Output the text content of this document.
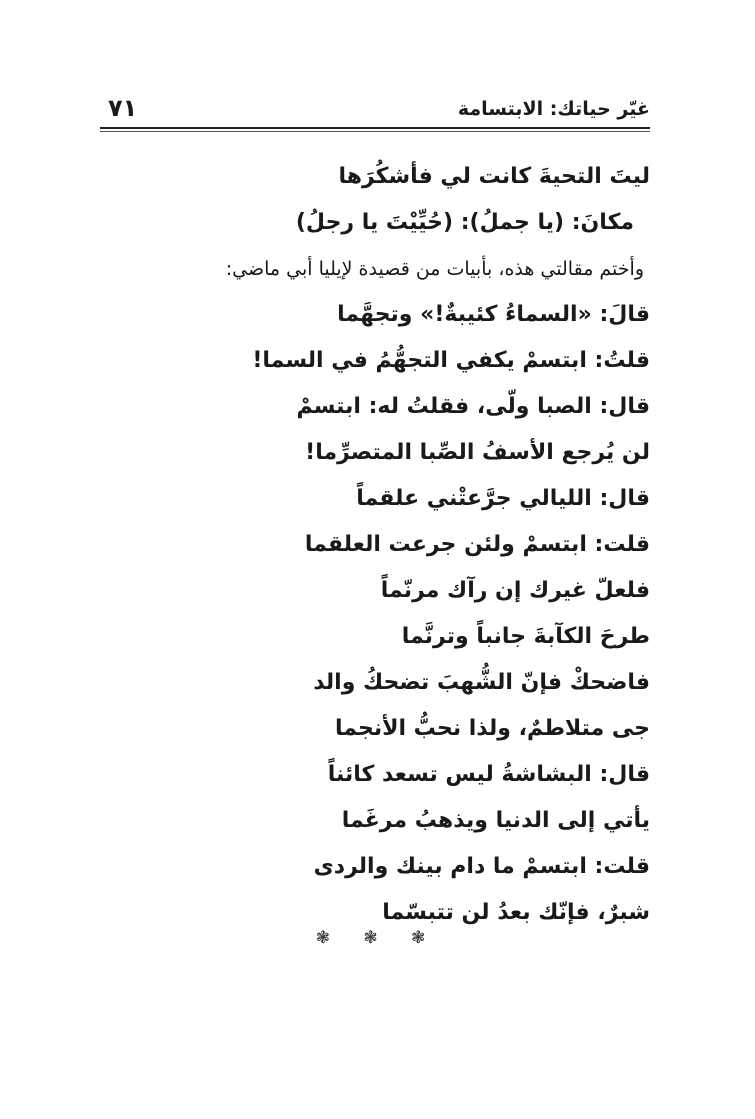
غيّر حياتك: الابتسامة
٧١
ليتَ التحيةَ كانت لي فأشكُرَها
مكانَ: (يا جملُ): (حُيِّيْتَ يا رجلُ)
وأختم مقالتي هذه، بأبيات من قصيدة لإيليا أبي ماضي:
قالَ: «السماءُ كئيبةٌ!» وتجهَّما
قلتُ: ابتسمْ يكفي التجهُّمُ في السما!
قال: الصبا ولّى، فقلتُ له: ابتسمْ
لن يُرجع الأسفُ الصِّبا المتصرِّما!
قال: الليالي جرَّعتْني علقماً
قلت: ابتسمْ ولئن جرعت العلقما
فلعلّ غيرك إن رآك مرنّماً
طرحَ الكآبةَ جانباً وترنَّما
فاضحكْ فإنّ الشُّهبَ تضحكُ والد
جى متلاطمٌ، ولذا نحبُّ الأنجما
قال: البشاشةُ ليس تسعد كائناً
يأتي إلى الدنيا ويذهبُ مرغَما
قلت: ابتسمْ ما دام بينك والردى
شبرٌ، فإنّك بعدُ لن تتبسّما
❃ ❃ ❃
